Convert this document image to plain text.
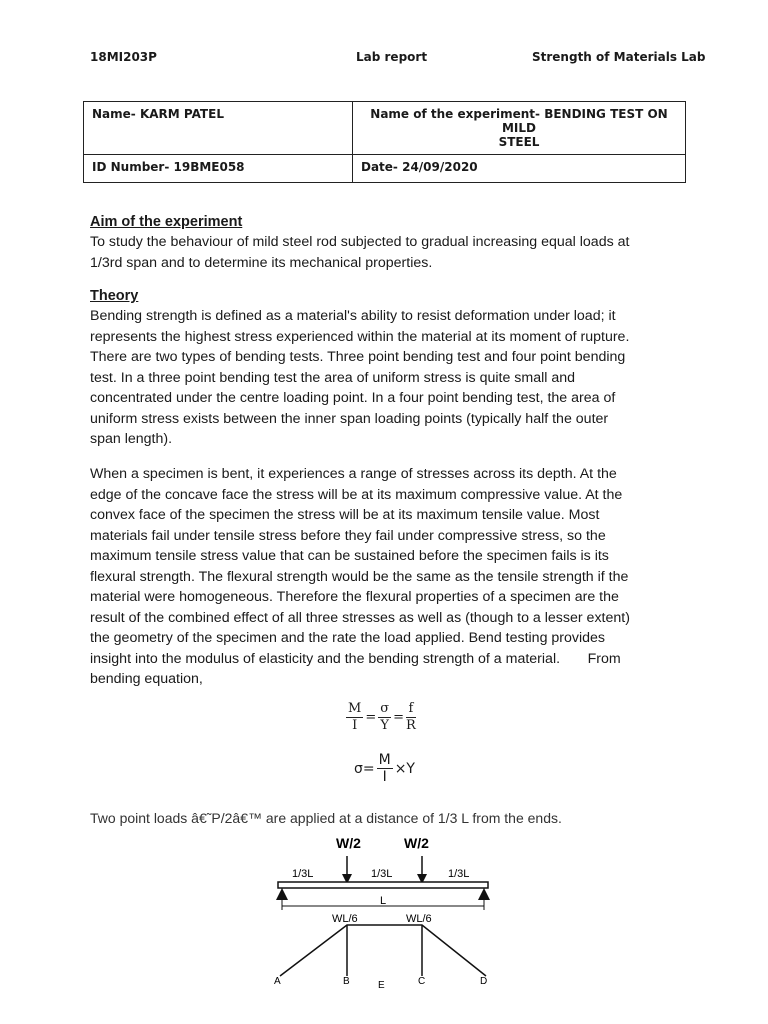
18MI203P	Lab report	Strength of Materials Lab
Name- KARM PATEL	Name of the experiment- BENDING TEST ON MILD
STEEL

ID Number- 19BME058	Date- 24/09/2020
Aim of the experiment

To study the behaviour of mild steel rod subjected to gradual increasing equal loads at

1/3rd span and to determine its mechanical properties.

Theory

Bending strength is defined as a material's ability to resist deformation under load; it

represents the highest stress experienced within the material at its moment of rupture.

There are two types of bending tests. Three point bending test and four point bending

test. In a three point bending test the area of uniform stress is quite small and

concentrated under the centre loading point. In a four point bending test, the area of

uniform stress exists between the inner span loading points (typically half the outer

span length).

When a specimen is bent, it experiences a range of stresses across its depth. At the

edge of the concave face the stress will be at its maximum compressive value. At the

convex face of the specimen the stress will be at its maximum tensile value. Most

materials fail under tensile stress before they fail under compressive stress, so the

maximum tensile stress value that can be sustained before the specimen fails is its

flexural strength. The flexural strength would be the same as the tensile strength if the

material were homogeneous. Therefore the flexural properties of a specimen are the

result of the combined effect of all three stresses as well as (though to a lesser extent)

the geometry of the specimen and the rate the load applied. Bend testing provides

insight into the modulus of elasticity and the bending strength of a material.       From

bending equation,

$\frac{M}{I} = \frac{\sigma}{Y} = \frac{f}{R}$
$\sigma= \frac{M}{I} \times Y$
Two point loads â€˜P/2â€™ are applied at a distance of 1/3 L from the ends.
W/2	W/2
1/3L	1/3L	1/3L
L
WL/6	WL/6
A	B	C	D
E
